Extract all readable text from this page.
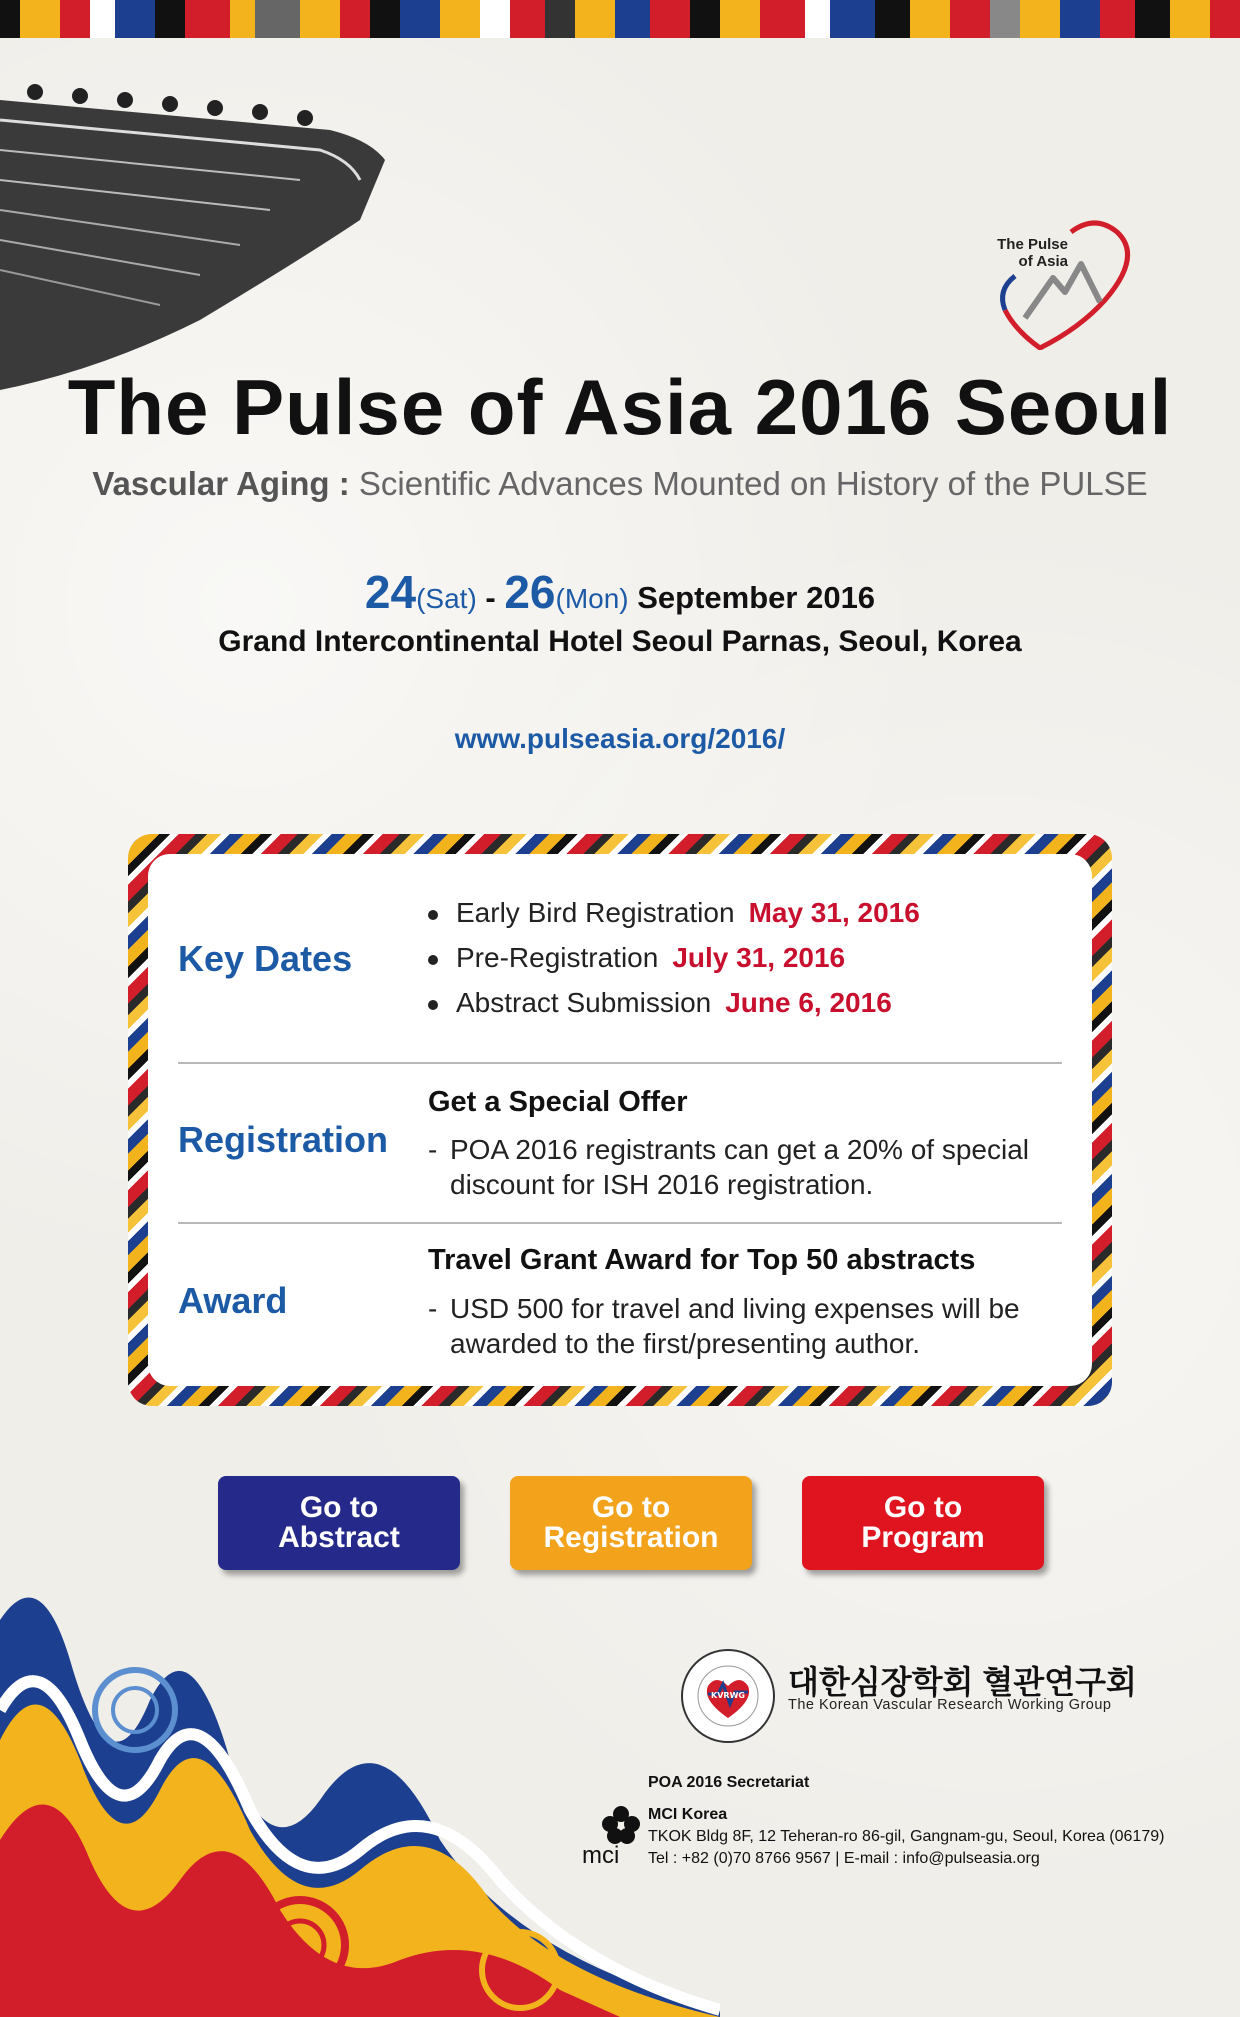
The Pulse
of Asia
The Pulse of Asia 2016 Seoul
Vascular Aging : Scientific Advances Mounted on History of the PULSE
24(Sat) - 26(Mon) September 2016
Grand Intercontinental Hotel Seoul Parnas, Seoul, Korea
www.pulseasia.org/2016/
Key Dates
Early Bird Registration May 31, 2016
Pre-Registration July 31, 2016
Abstract Submission June 6, 2016
Registration
Get a Special Offer
- POA 2016 registrants can get a 20% of special discount for ISH 2016 registration.
Award
Travel Grant Award for Top 50 abstracts
- USD 500 for travel and living expenses will be awarded to the first/presenting author.
Go to
Abstract
Go to
Registration
Go to
Program
KVRWG 대한심장학회 혈관연구회
The Korean Vascular Research Working Group
mci
POA 2016 Secretariat
MCI Korea
TKOK Bldg 8F, 12 Teheran-ro 86-gil, Gangnam-gu, Seoul, Korea (06179)
Tel : +82 (0)70 8766 9567 | E-mail : info@pulseasia.org
